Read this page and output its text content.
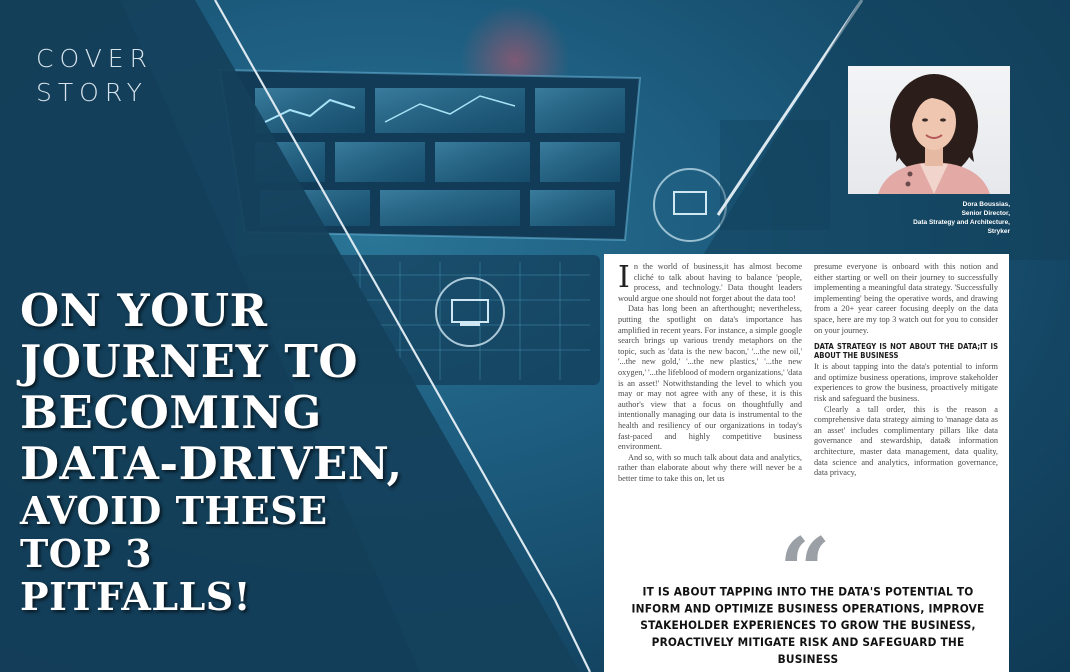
COVER
STORY
ON YOUR
JOURNEY TO
BECOMING
DATA-DRIVEN,
AVOID THESE
TOP 3
PITFALLS!
Dora Boussias,
Senior Director,
Data Strategy and Architecture,
Stryker

In the world of business,it has almost become cliché to talk about having to balance 'people, process, and technology.' Data thought leaders would argue one should not forget about the data too!

Data has long been an afterthought; nevertheless, putting the spotlight on data's importance has amplified in recent years. For instance, a simple google search brings up various trendy metaphors on the topic, such as 'data is the new bacon,' '...the new oil,' '...the new gold,' '...the new plastics,' '...the new oxygen,' '...the lifeblood of modern organizations,' 'data is an asset!' Notwithstanding the level to which you may or may not agree with any of these, it is this author's view that a focus on thoughtfully and intentionally managing our data is instrumental to the health and resiliency of our organizations in today's fast-paced and highly competitive business environment.

And so, with so much talk about data and analytics, rather than elaborate about why there will never be a better time to take this on, let us

presume everyone is onboard with this notion and either starting or well on their journey to successfully implementing a meaningful data strategy. 'Successfully implementing' being the operative words, and drawing from a 20+ year career focusing deeply on the data space, here are my top 3 watch out for you to consider on your journey.

DATA STRATEGY IS NOT ABOUT THE DATA;IT IS ABOUT THE BUSINESS

It is about tapping into the data's potential to inform and optimize business operations, improve stakeholder experiences to grow the business, proactively mitigate risk and safeguard the business.

Clearly a tall order, this is the reason a comprehensive data strategy aiming to 'manage data as an asset' includes complimentary pillars like data governance and stewardship, data& information architecture, master data management, data quality, data science and analytics, information governance, data privacy,

“

IT IS ABOUT TAPPING INTO THE DATA'S POTENTIAL TO INFORM AND OPTIMIZE BUSINESS OPERATIONS, IMPROVE STAKEHOLDER EXPERIENCES TO GROW THE BUSINESS, PROACTIVELY MITIGATE RISK AND SAFEGUARD THE BUSINESS
